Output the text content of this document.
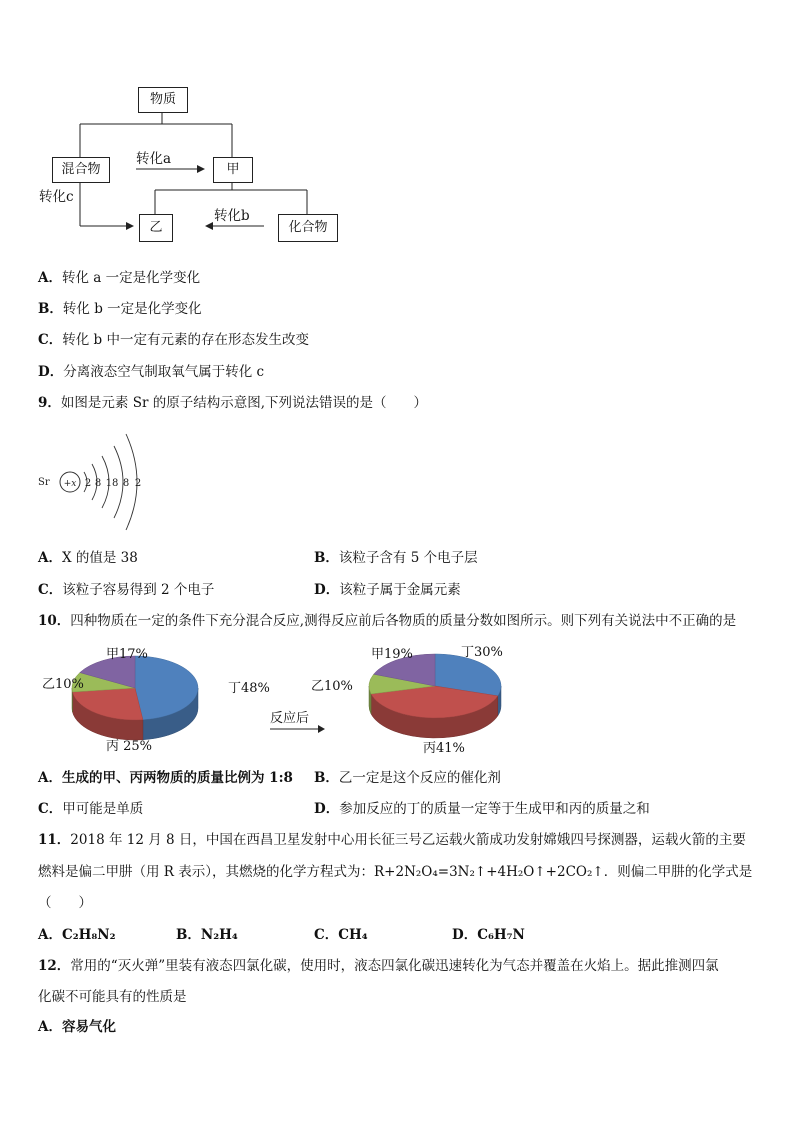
物质
混合物	甲
乙	化合物
转化a
转化b
转化c
A．转化 a 一定是化学变化
B．转化 b 一定是化学变化
C．转化 b 中一定有元素的存在形态发生改变
D．分离液态空气制取氧气属于转化 c
9．如图是元素 Sr 的原子结构示意图,下列说法错误的是（　　）
Sr +x 2 8 18 8 2
A．X 的值是 38	B．该粒子含有 5 个电子层
C．该粒子容易得到 2 个电子	D．该粒子属于金属元素
10．四种物质在一定的条件下充分混合反应,测得反应前后各物质的质量分数如图所示。则下列有关说法中不正确的是
甲17%
乙10%
丙 25%
丁48%
甲19%
乙10%
丙41%
丁30%
反应后
A．生成的甲、丙两物质的质量比例为 1:8 B．乙一定是这个反应的催化剂
C．甲可能是单质	D．参加反应的丁的质量一定等于生成甲和丙的质量之和
11．2018 年 12 月 8 日，中国在西昌卫星发射中心用长征三号乙运载火箭成功发射嫦娥四号探测器，运载火箭的主要
燃料是偏二甲肼（用 R 表示），其燃烧的化学方程式为：R+2N₂O₄=3N₂↑+4H₂O↑+2CO₂↑．则偏二甲肼的化学式是
（　　）
A．C₂H₈N₂	B．N₂H₄	C．CH₄	D．C₆H₇N
12．常用的“灭火弹”里装有液态四氯化碳，使用时，液态四氯化碳迅速转化为气态并覆盖在火焰上。据此推测四氯
化碳不可能具有的性质是
A．容易气化
